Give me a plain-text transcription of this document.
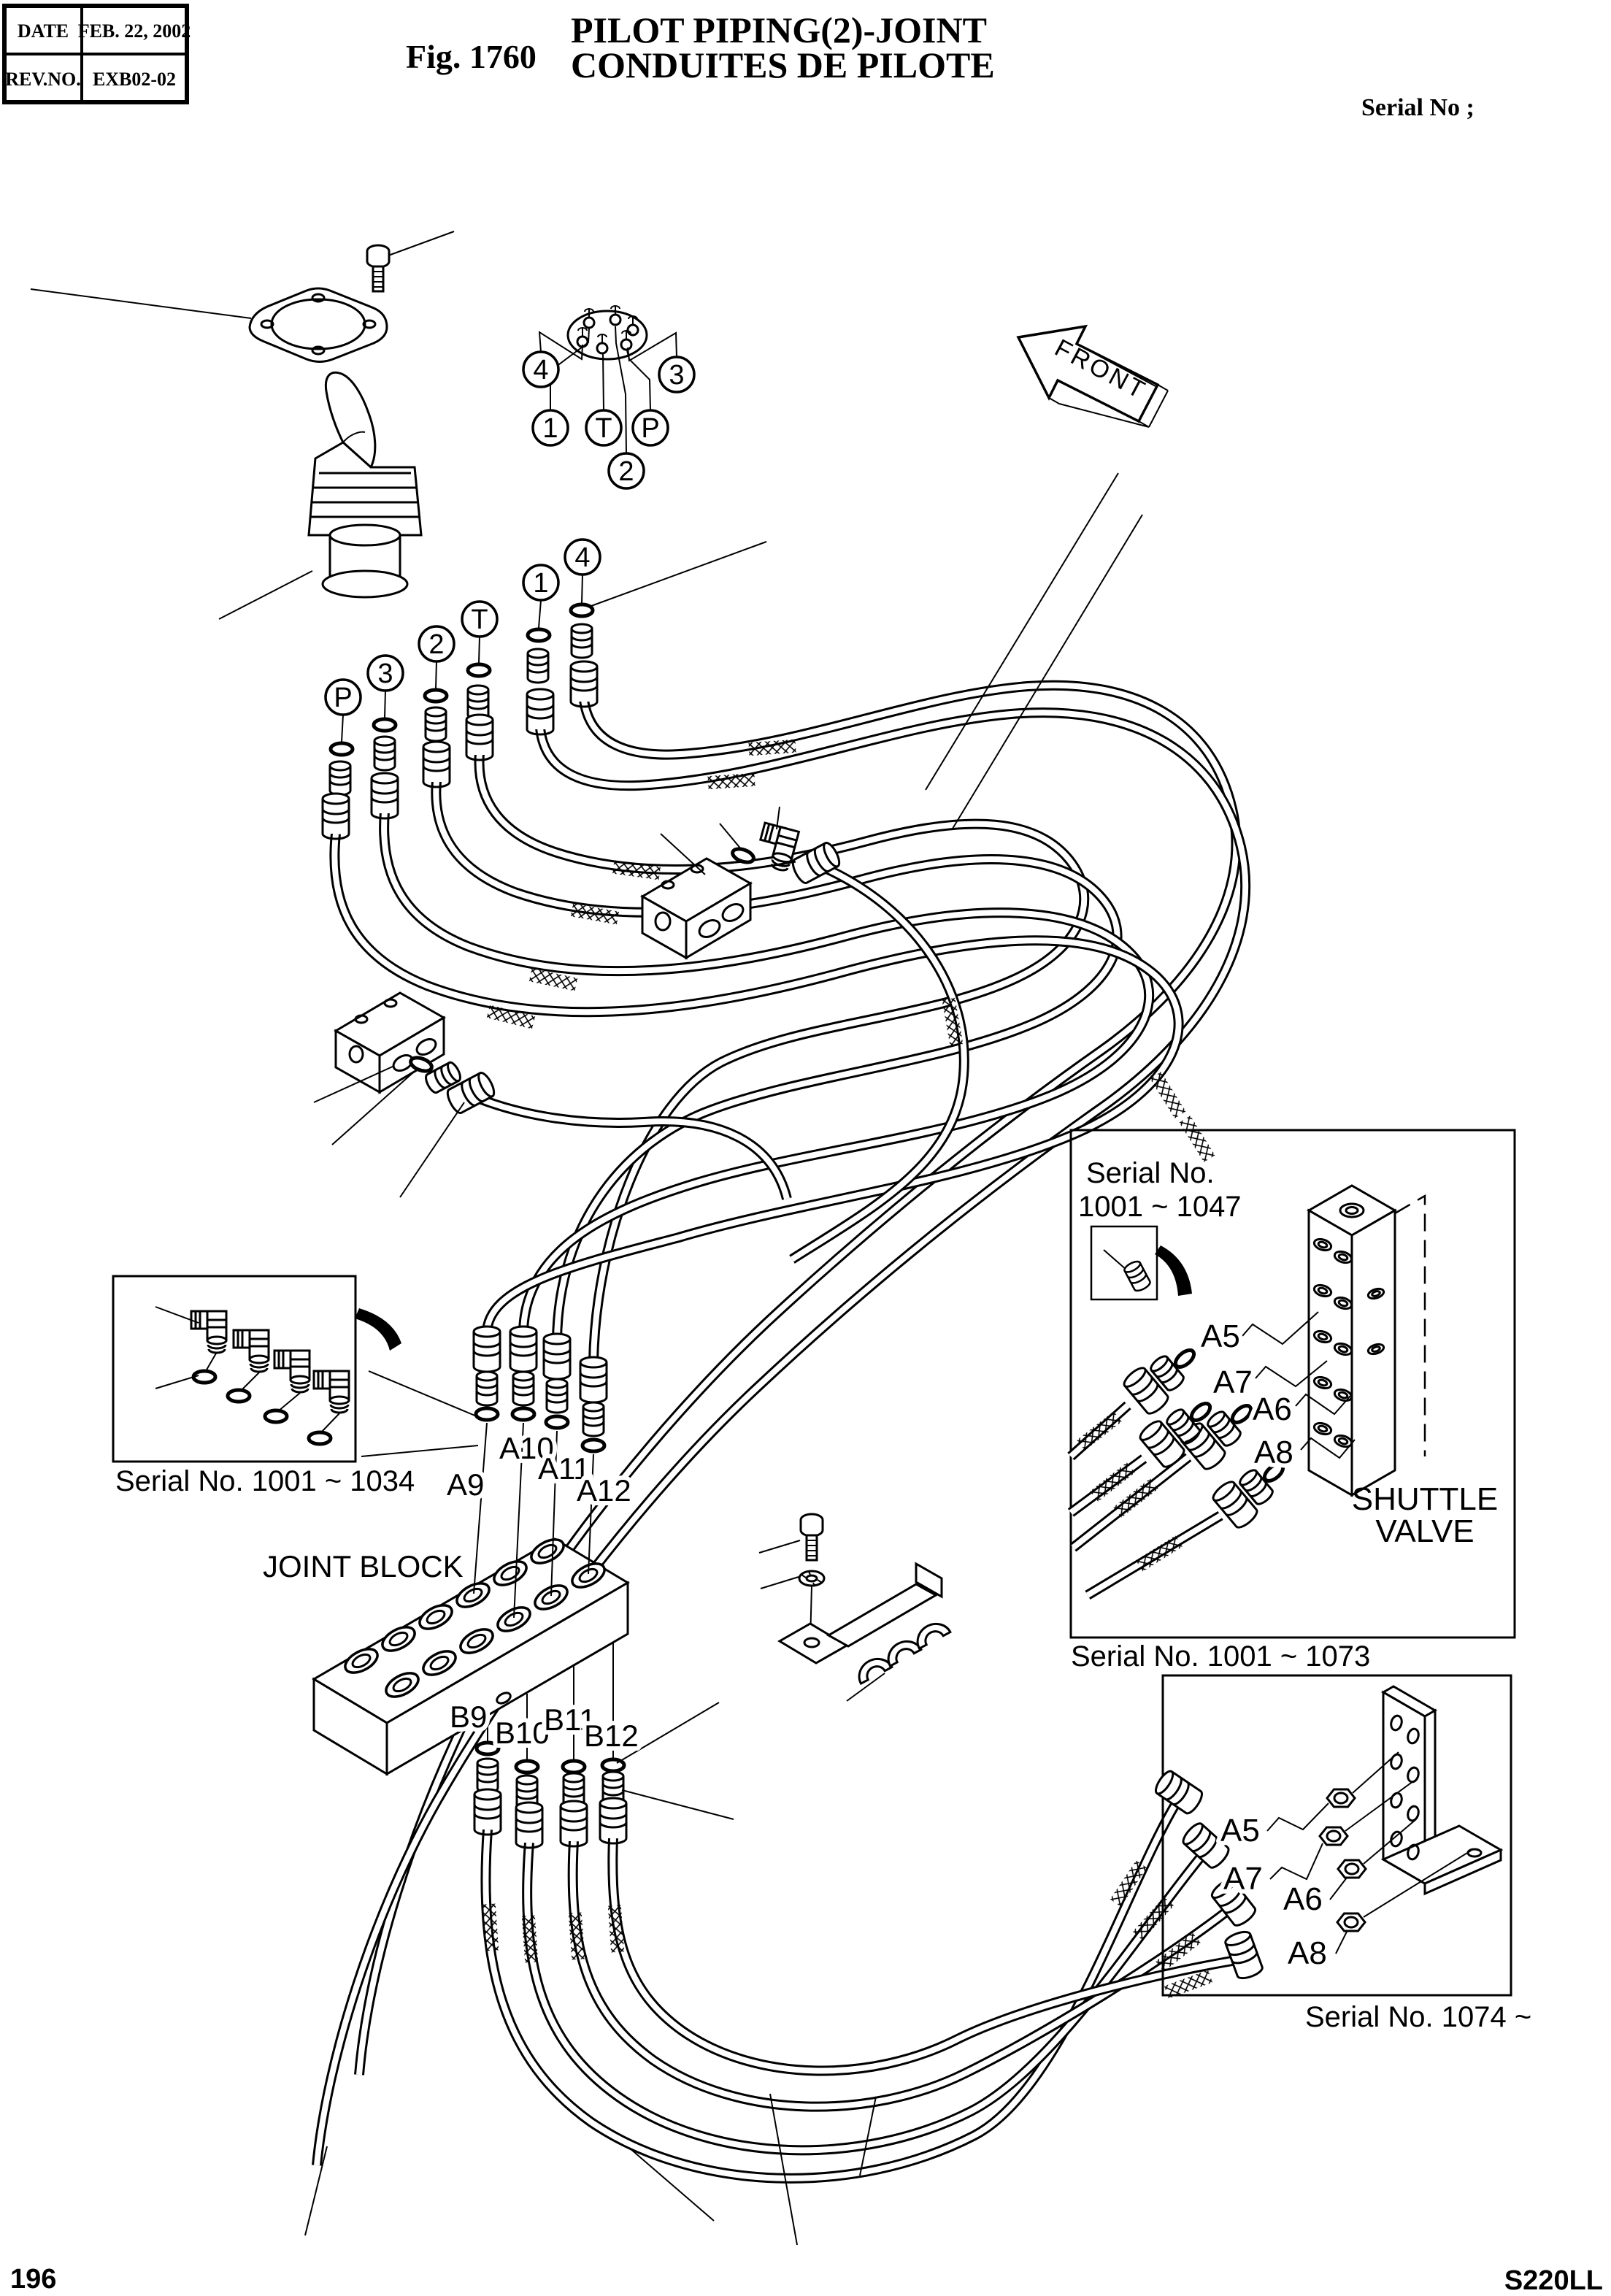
DATE FEB. 22, 2002
REV.NO. EXB02-02
Fig. 1760
PILOT PIPING(2)-JOINT
CONDUITES DE PILOTE
Serial No ;
FRONT
4	3
1 T P
2
P
3
2
T
1
4
JOINT BLOCK
A9
A10
A11
A12
B9 B10
B11
B12
Serial No. 1001 ~ 1034
Serial No.
1001 ~ 1047
A5
A7
A6
A8
SHUTTLE
VALVE
Serial No. 1001 ~ 1073
A5
A7
A6
A8
Serial No. 1074 ~
196	S220LL
